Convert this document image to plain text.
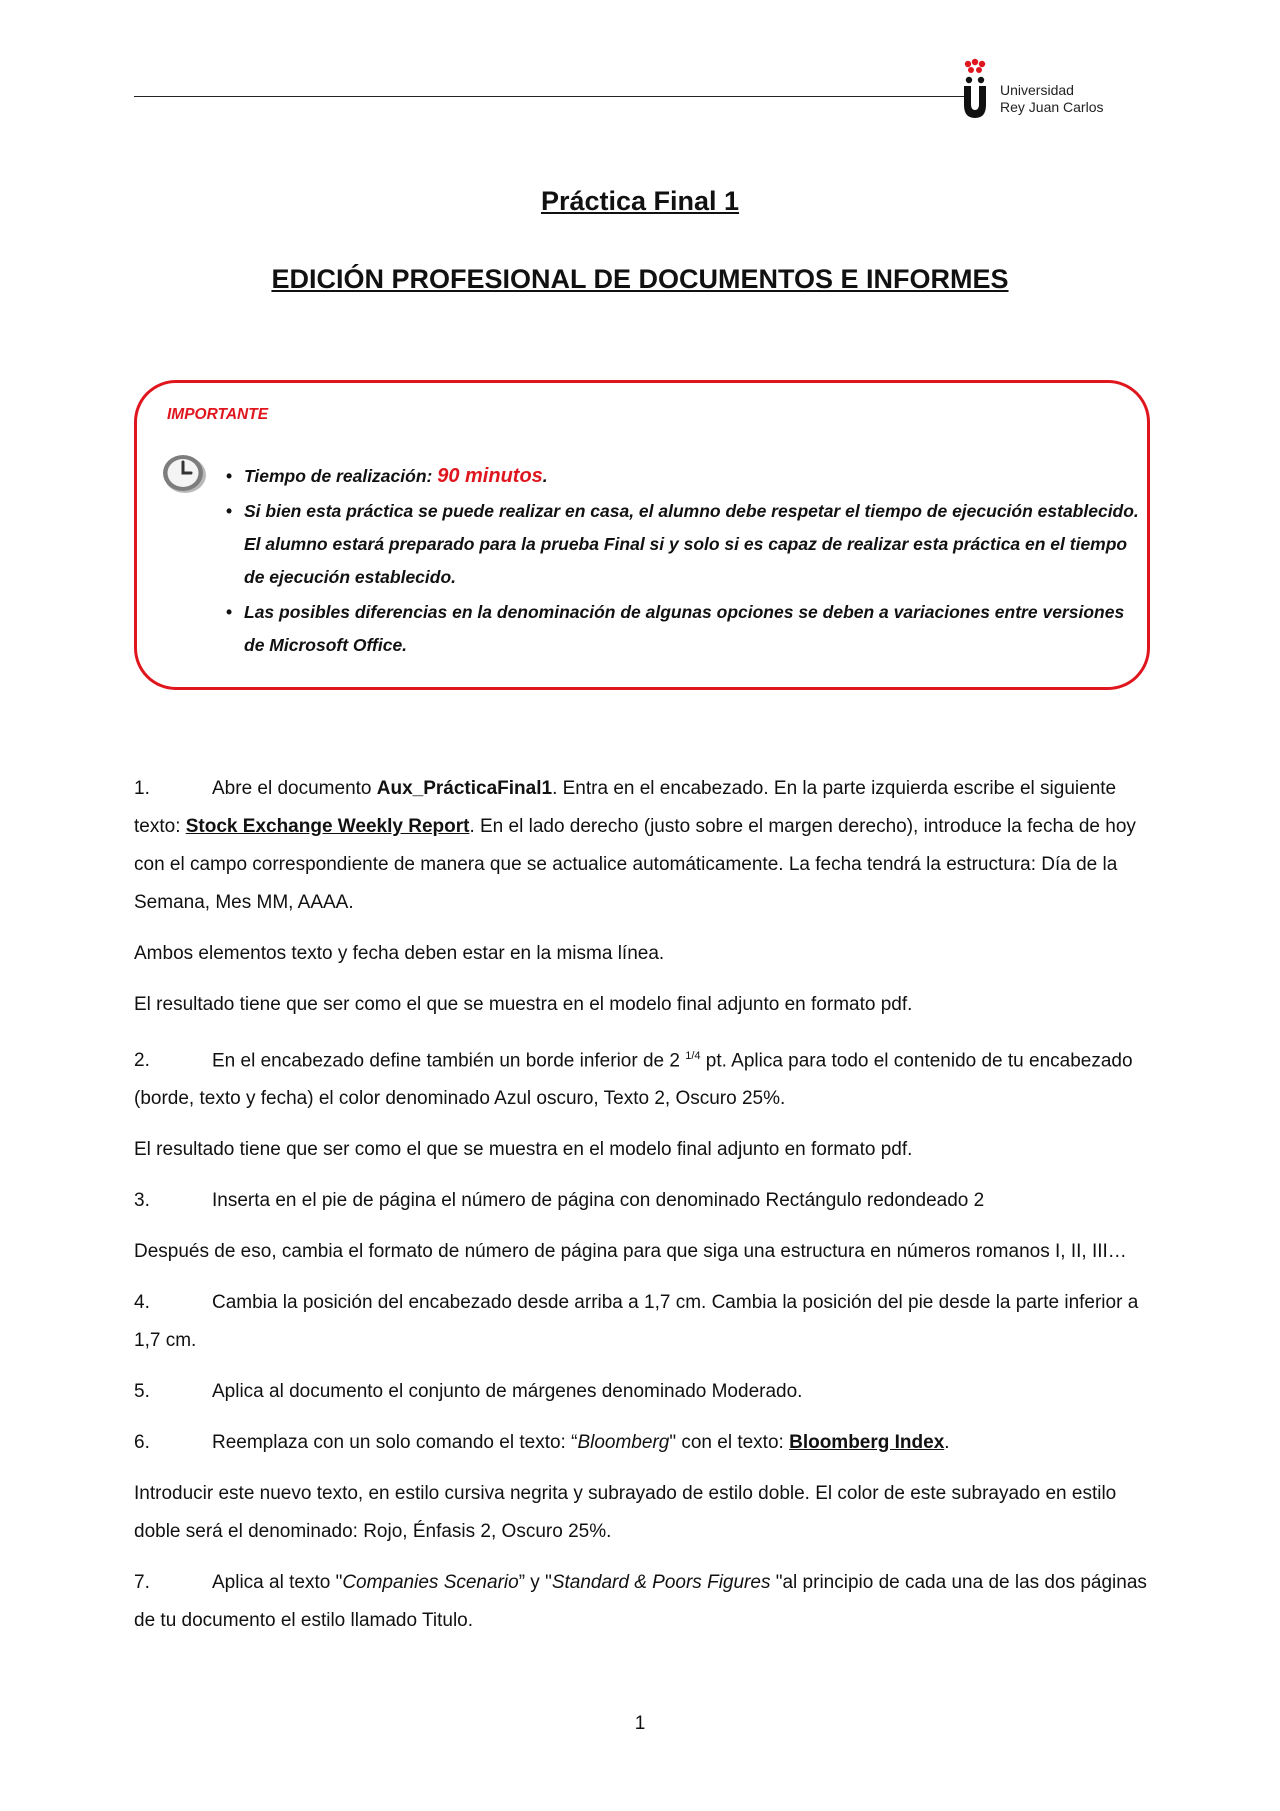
Universidad
Rey Juan Carlos
Práctica Final 1
EDICIÓN PROFESIONAL DE DOCUMENTOS E INFORMES
IMPORTANTE
• Tiempo de realización: 90 minutos.
• Si bien esta práctica se puede realizar en casa, el alumno debe respetar el tiempo de ejecución establecido. El alumno estará preparado para la prueba Final si y solo si es capaz de realizar esta práctica en el tiempo de ejecución establecido.
• Las posibles diferencias en la denominación de algunas opciones se deben a variaciones entre versiones de Microsoft Office.

1.	Abre el documento Aux_PrácticaFinal1. Entra en el encabezado. En la parte izquierda escribe el siguiente texto: Stock Exchange Weekly Report. En el lado derecho (justo sobre el margen derecho), introduce la fecha de hoy con el campo correspondiente de manera que se actualice automáticamente. La fecha tendrá la estructura: Día de la Semana, Mes MM, AAAA.

Ambos elementos texto y fecha deben estar en la misma línea.

El resultado tiene que ser como el que se muestra en el modelo final adjunto en formato pdf.

2.	En el encabezado define también un borde inferior de 2 $^{1/4}$ pt. Aplica para todo el contenido de tu encabezado (borde, texto y fecha) el color denominado Azul oscuro, Texto 2, Oscuro 25%.

El resultado tiene que ser como el que se muestra en el modelo final adjunto en formato pdf.

3.	Inserta en el pie de página el número de página con denominado Rectángulo redondeado 2

Después de eso, cambia el formato de número de página para que siga una estructura en números romanos I, II, III…

4.	Cambia la posición del encabezado desde arriba a 1,7 cm. Cambia la posición del pie desde la parte inferior a 1,7 cm.

5.	Aplica al documento el conjunto de márgenes denominado Moderado.

6.	Reemplaza con un solo comando el texto: “Bloomberg" con el texto: Bloomberg Index.

Introducir este nuevo texto, en estilo cursiva negrita y subrayado de estilo doble. El color de este subrayado en estilo doble será el denominado: Rojo, Énfasis 2, Oscuro 25%.

7.	Aplica al texto "Companies Scenario” y "Standard & Poors Figures "al principio de cada una de las dos páginas de tu documento el estilo llamado Titulo.

1
